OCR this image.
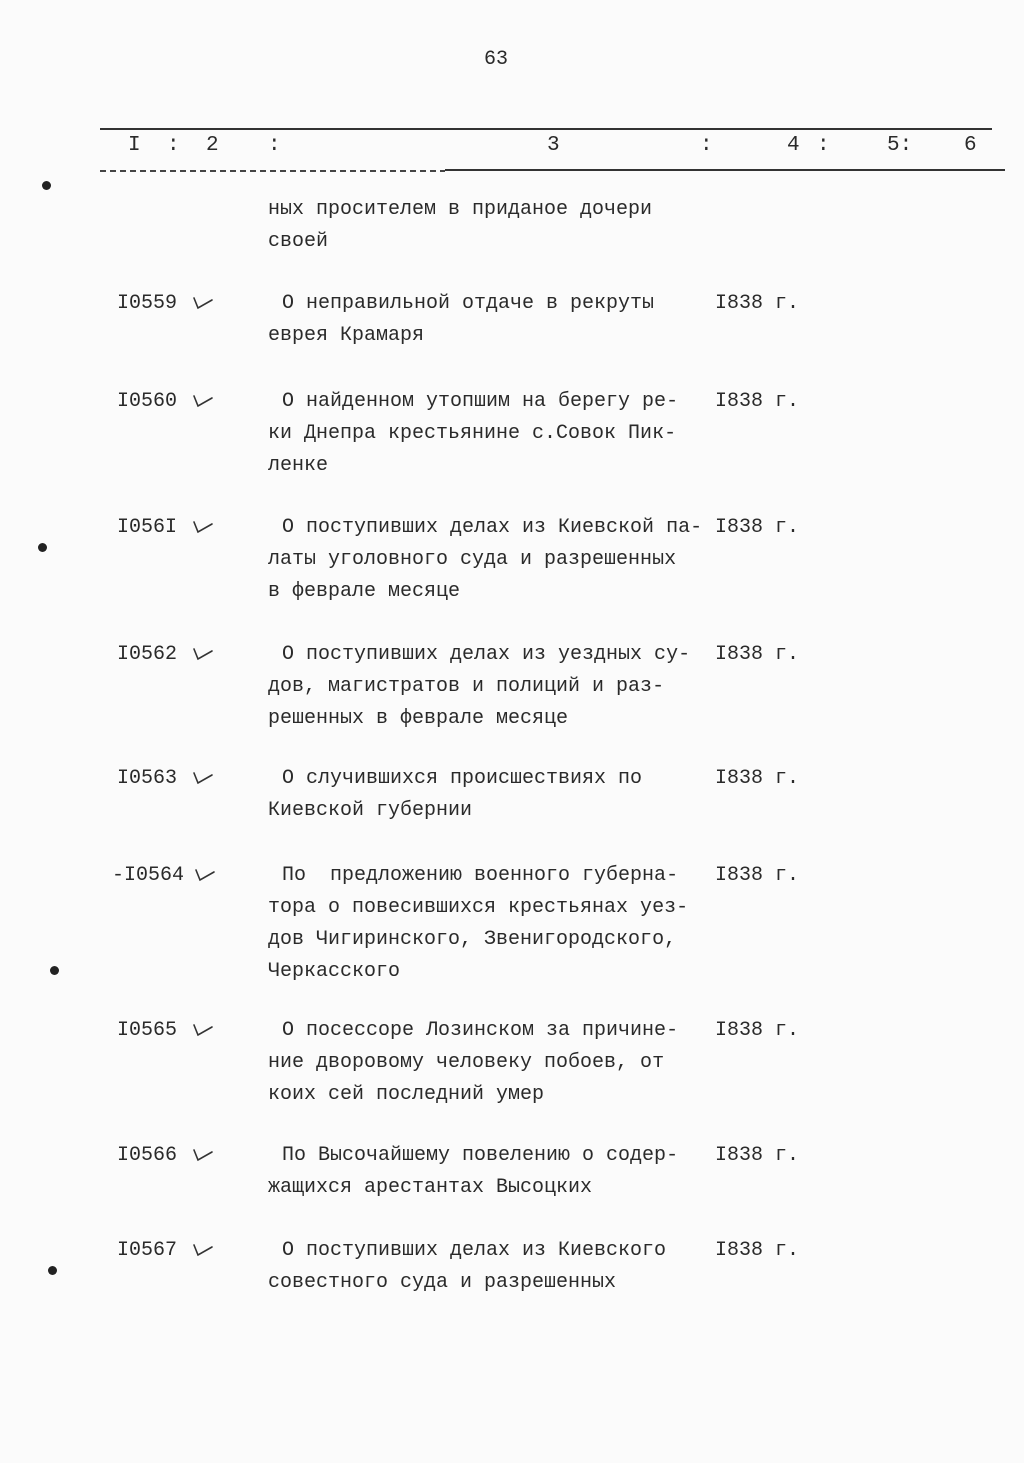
63
I : 2 :	3	:	4 :	5: 6
ных просителем в приданое дочери
своей
I0559	О неправильной отдаче в рекруты
еврея Крамаря
I838 г.
I0560	О найденном утопшим на берегу ре-
ки Днепра крестьянине с.Совок Пик-
ленке
I838 г.
I056I	О поступивших делах из Киевской па-
латы уголовного суда и разрешенных
в феврале месяце
I838 г.
I0562	О поступивших делах из уездных су-
дов, магистратов и полиций и раз-
решенных в феврале месяце
I838 г.
I0563	О случившихся происшествиях по
Киевской губернии
I838 г.
-I0564	По  предложению военного губерна-
тора о повесившихся крестьянах уез-
дов Чигиринского, Звенигородского,
Черкасского
I838 г.
I0565	О посессоре Лозинском за причине-
ние дворовому человеку побоев, от
коих сей последний умер
I838 г.
I0566	По Высочайшему повелению о содер-
жащихся арестантах Высоцких
I838 г.
I0567	О поступивших делах из Киевского
совестного суда и разрешенных
I838 г.
